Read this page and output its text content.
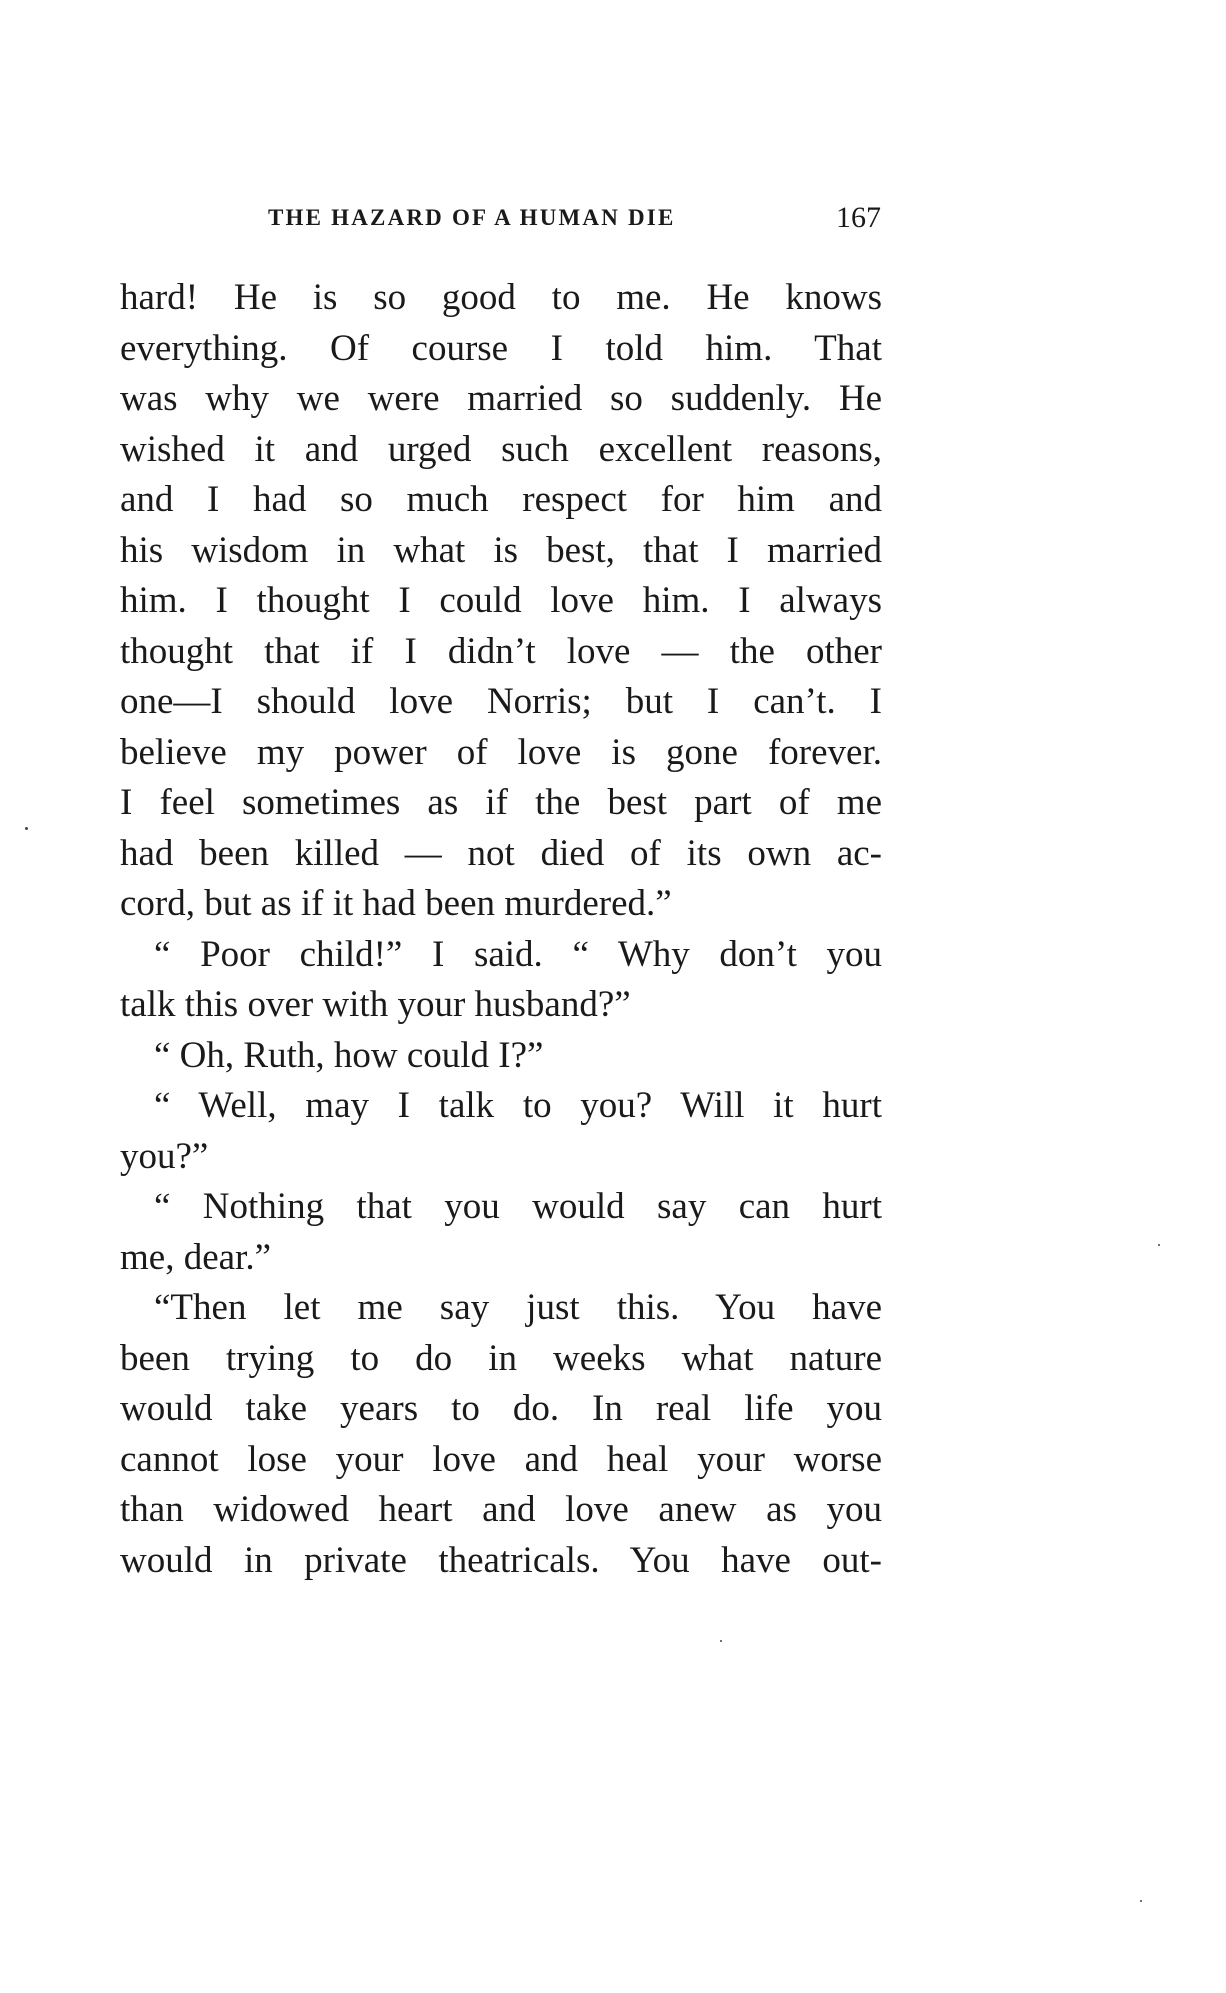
THE HAZARD OF A HUMAN DIE	167
hard! He is so good to me. He knows
everything. Of course I told him. That
was why we were married so suddenly. He
wished it and urged such excellent reasons,
and I had so much respect for him and
his wisdom in what is best, that I married
him. I thought I could love him. I always
thought that if I didn’t love — the other
one—I should love Norris; but I can’t. I
believe my power of love is gone forever.
I feel sometimes as if the best part of me
had been killed — not died of its own ac-
cord, but as if it had been murdered.”
“ Poor child!” I said. “ Why don’t you
talk this over with your husband?”
“ Oh, Ruth, how could I?”
“ Well, may I talk to you? Will it hurt
you?”
“ Nothing that you would say can hurt
me, dear.”
“Then let me say just this. You have
been trying to do in weeks what nature
would take years to do. In real life you
cannot lose your love and heal your worse
than widowed heart and love anew as you
would in private theatricals. You have out-
